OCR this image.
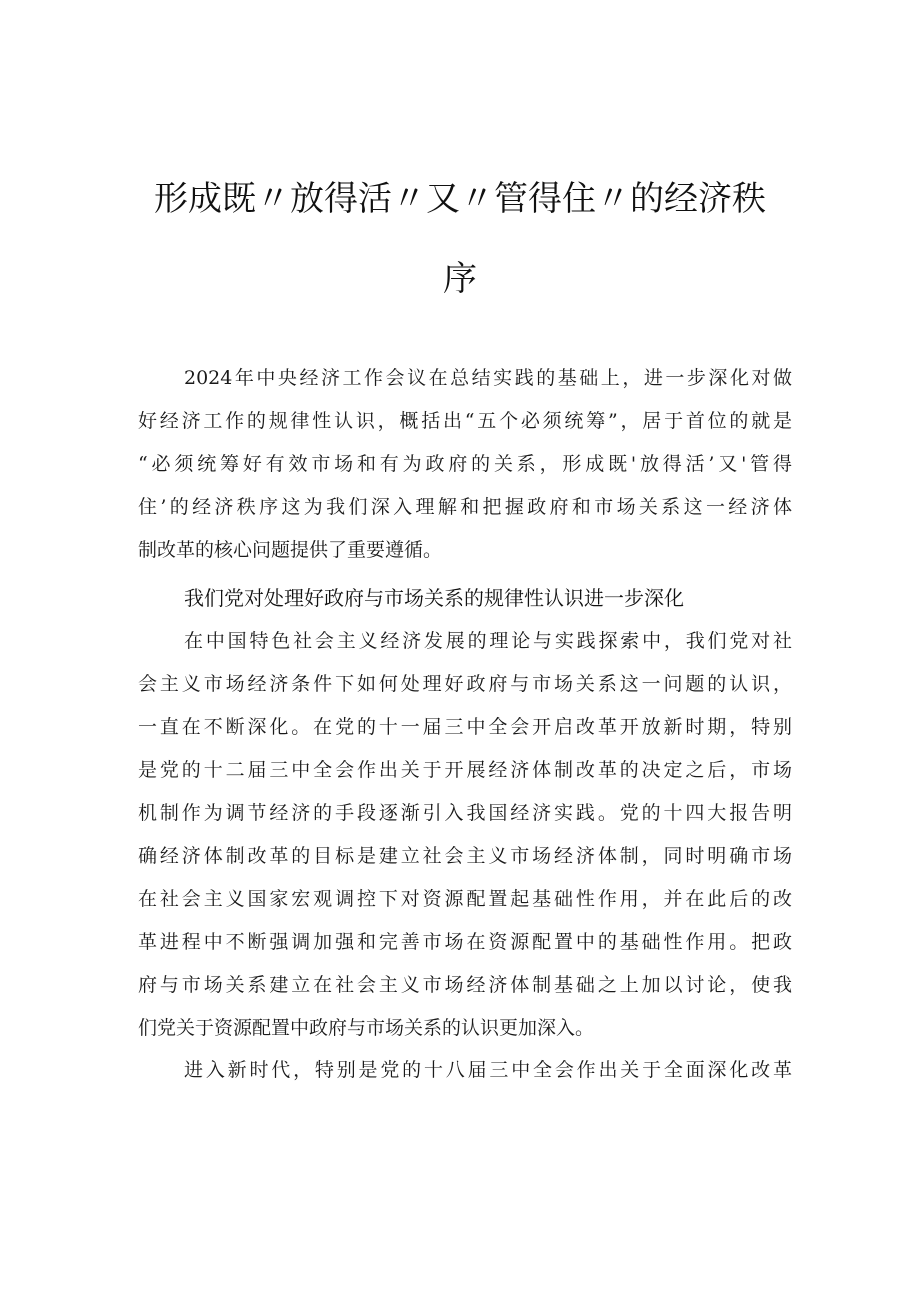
形成既〃放得活〃又〃管得住〃的经济秩
序
2024年中央经济工作会议在总结实践的基础上，进一步深化对做
好经济工作的规律性认识，概括出“五个必须统筹”，居于首位的就是
“必须统筹好有效市场和有为政府的关系，形成既'放得活’又'管得
住’的经济秩序这为我们深入理解和把握政府和市场关系这一经济体
制改革的核心问题提供了重要遵循。
我们党对处理好政府与市场关系的规律性认识进一步深化
在中国特色社会主义经济发展的理论与实践探索中，我们党对社
会主义市场经济条件下如何处理好政府与市场关系这一问题的认识，
一直在不断深化。在党的十一届三中全会开启改革开放新时期，特别
是党的十二届三中全会作出关于开展经济体制改革的决定之后，市场
机制作为调节经济的手段逐渐引入我国经济实践。党的十四大报告明
确经济体制改革的目标是建立社会主义市场经济体制，同时明确市场
在社会主义国家宏观调控下对资源配置起基础性作用，并在此后的改
革进程中不断强调加强和完善市场在资源配置中的基础性作用。把政
府与市场关系建立在社会主义市场经济体制基础之上加以讨论，使我
们党关于资源配置中政府与市场关系的认识更加深入。
进入新时代，特别是党的十八届三中全会作出关于全面深化改革
